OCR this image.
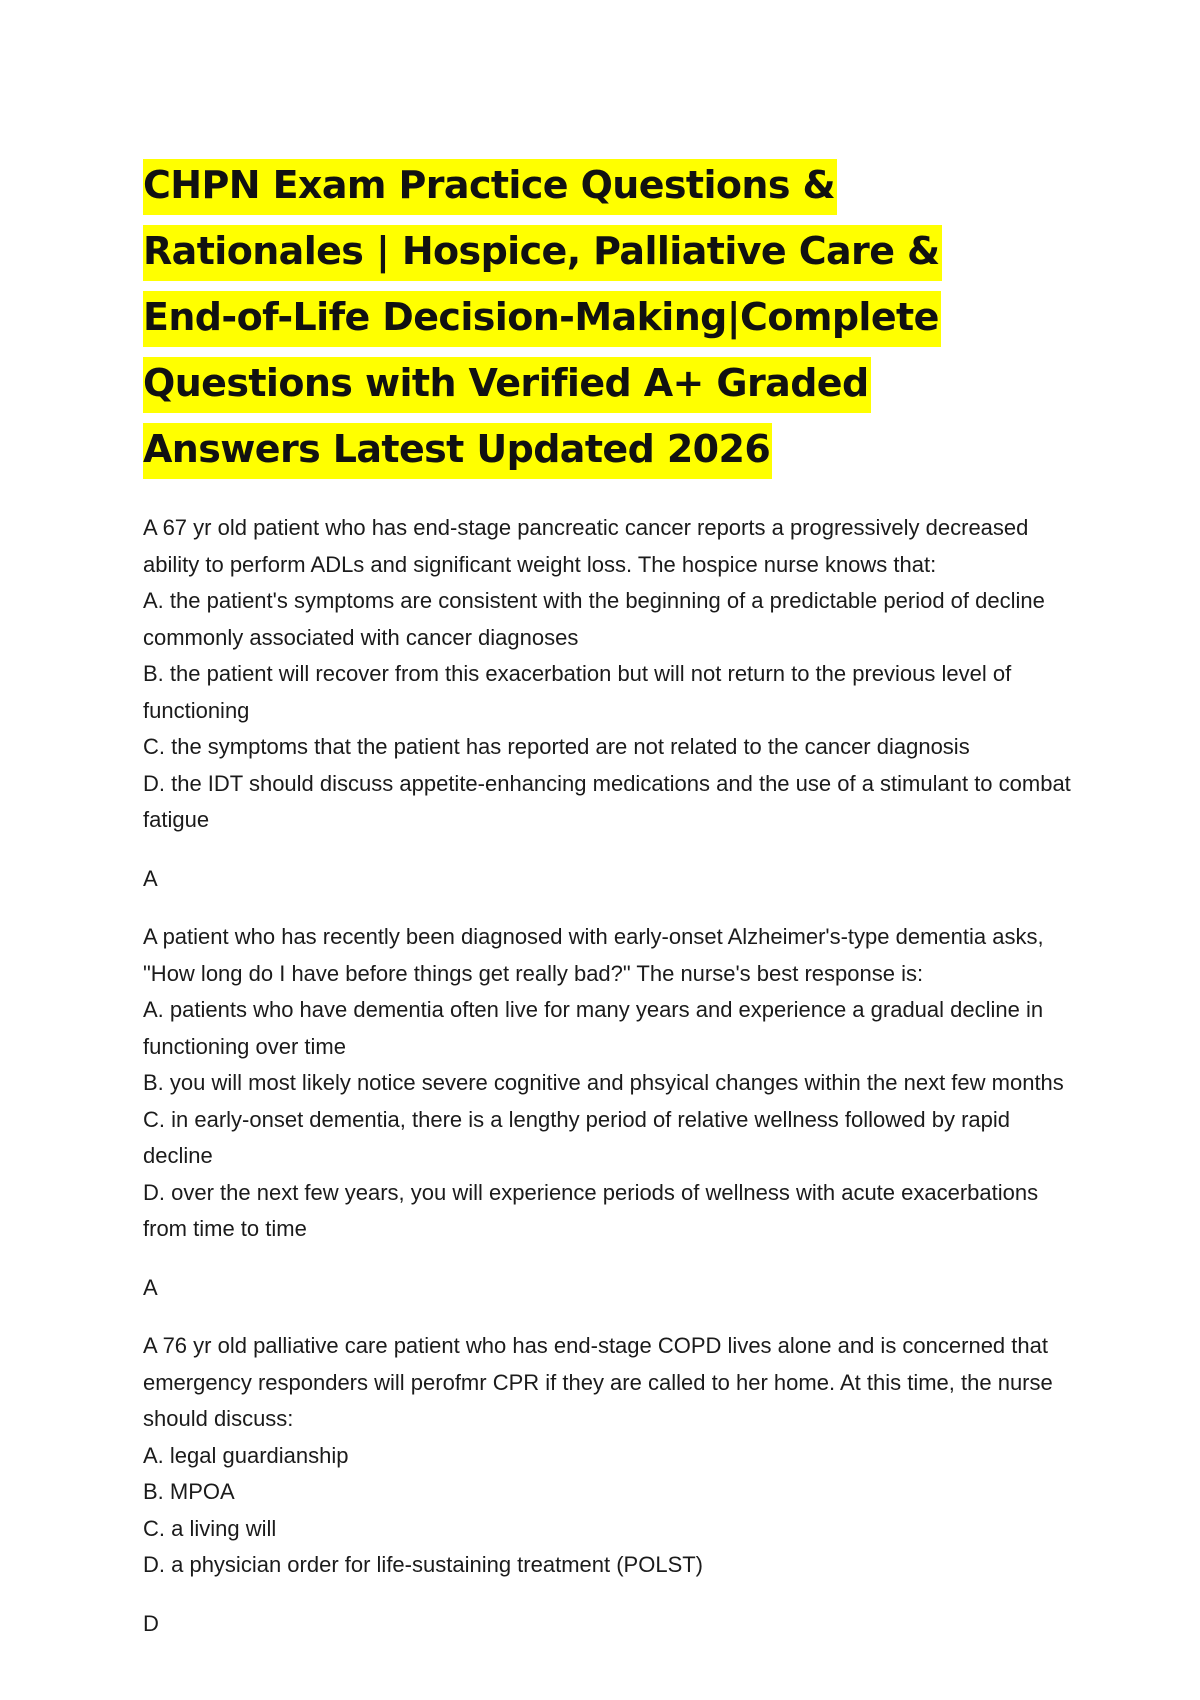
CHPN Exam Practice Questions & Rationales | Hospice, Palliative Care & End-of-Life Decision-Making|Complete Questions with Verified A+ Graded Answers Latest Updated 2026

A 67 yr old patient who has end-stage pancreatic cancer reports a progressively decreased ability to perform ADLs and significant weight loss. The hospice nurse knows that:

A. the patient's symptoms are consistent with the beginning of a predictable period of decline commonly associated with cancer diagnoses

B. the patient will recover from this exacerbation but will not return to the previous level of functioning

C. the symptoms that the patient has reported are not related to the cancer diagnosis

D. the IDT should discuss appetite-enhancing medications and the use of a stimulant to combat fatigue

A

A patient who has recently been diagnosed with early-onset Alzheimer's-type dementia asks, "How long do I have before things get really bad?" The nurse's best response is:

A. patients who have dementia often live for many years and experience a gradual decline in functioning over time

B. you will most likely notice severe cognitive and phsyical changes within the next few months

C. in early-onset dementia, there is a lengthy period of relative wellness followed by rapid decline

D. over the next few years, you will experience periods of wellness with acute exacerbations from time to time

A

A 76 yr old palliative care patient who has end-stage COPD lives alone and is concerned that emergency responders will perofmr CPR if they are called to her home. At this time, the nurse should discuss:

A. legal guardianship

B. MPOA

C. a living will

D. a physician order for life-sustaining treatment (POLST)

D
